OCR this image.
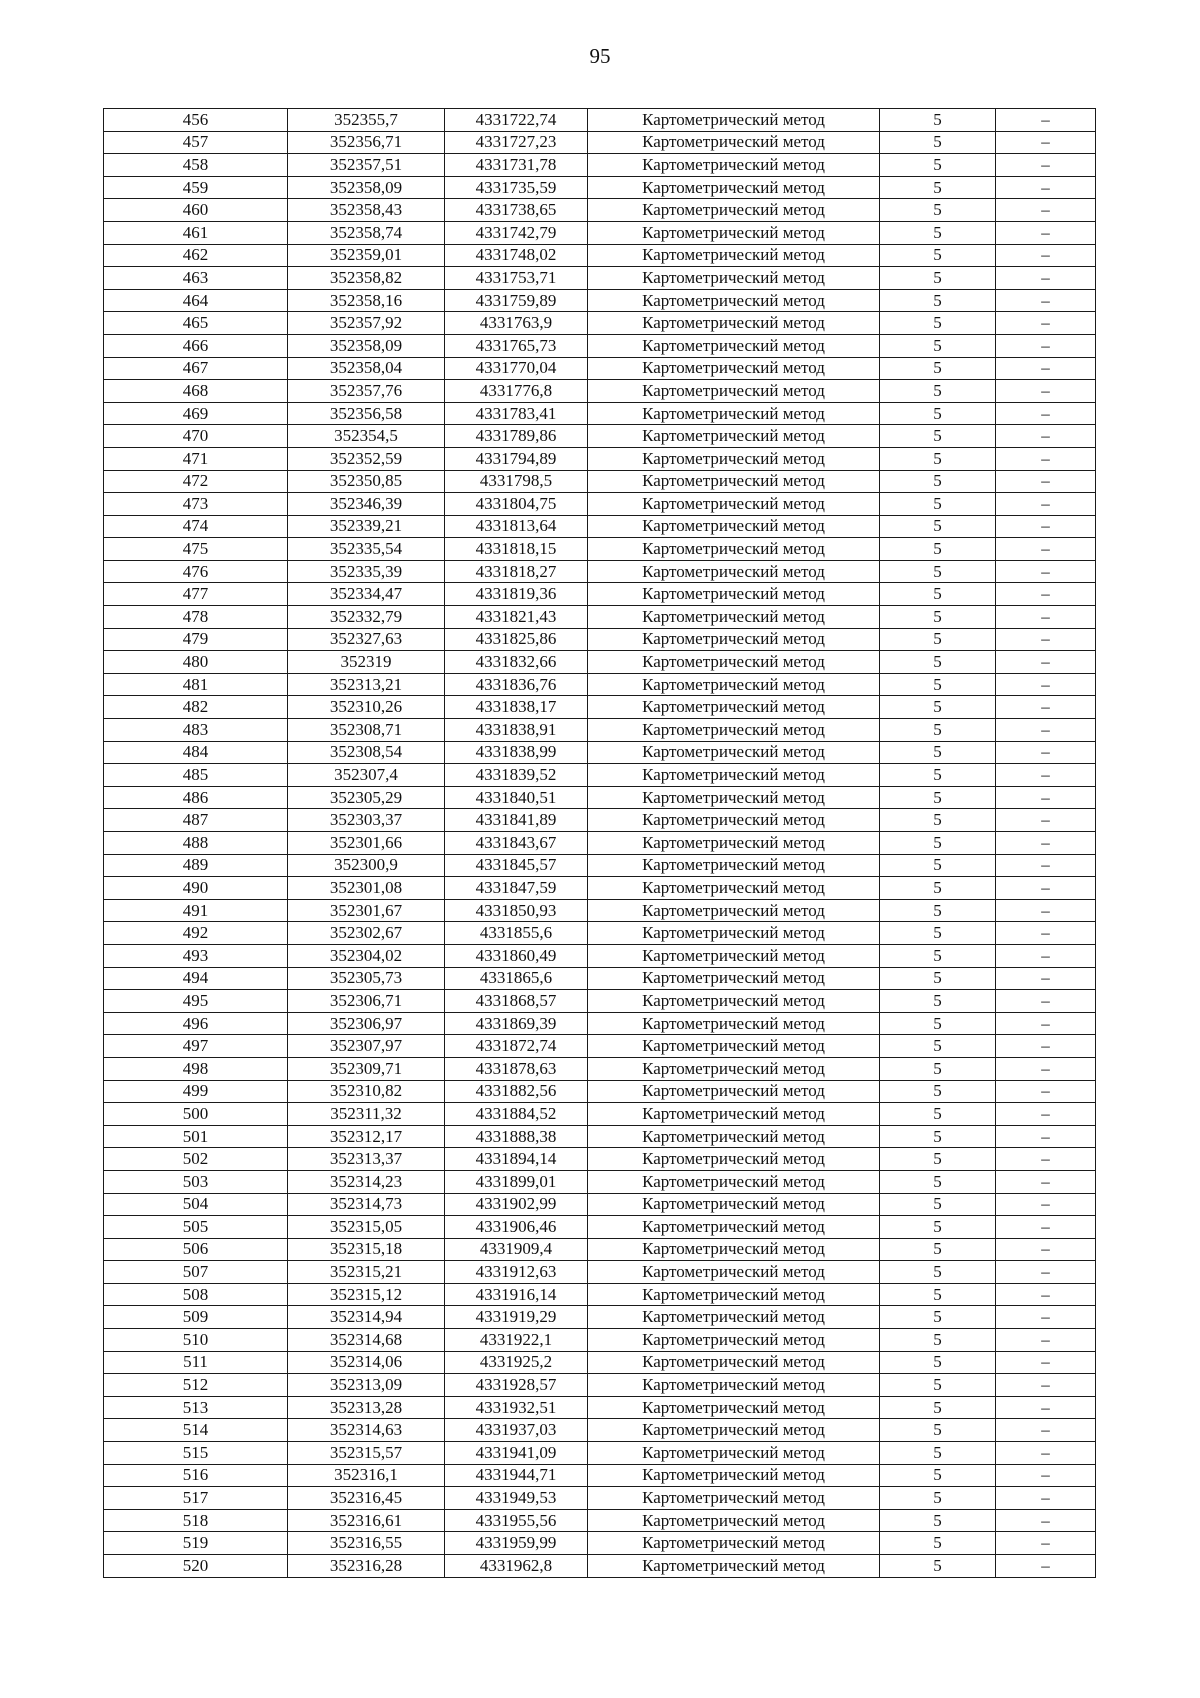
95
456	352355,7	4331722,74	Картометрический метод	5	–
457	352356,71	4331727,23	Картометрический метод	5	–
458	352357,51	4331731,78	Картометрический метод	5	–
459	352358,09	4331735,59	Картометрический метод	5	–
460	352358,43	4331738,65	Картометрический метод	5	–
461	352358,74	4331742,79	Картометрический метод	5	–
462	352359,01	4331748,02	Картометрический метод	5	–
463	352358,82	4331753,71	Картометрический метод	5	–
464	352358,16	4331759,89	Картометрический метод	5	–
465	352357,92	4331763,9	Картометрический метод	5	–
466	352358,09	4331765,73	Картометрический метод	5	–
467	352358,04	4331770,04	Картометрический метод	5	–
468	352357,76	4331776,8	Картометрический метод	5	–
469	352356,58	4331783,41	Картометрический метод	5	–
470	352354,5	4331789,86	Картометрический метод	5	–
471	352352,59	4331794,89	Картометрический метод	5	–
472	352350,85	4331798,5	Картометрический метод	5	–
473	352346,39	4331804,75	Картометрический метод	5	–
474	352339,21	4331813,64	Картометрический метод	5	–
475	352335,54	4331818,15	Картометрический метод	5	–
476	352335,39	4331818,27	Картометрический метод	5	–
477	352334,47	4331819,36	Картометрический метод	5	–
478	352332,79	4331821,43	Картометрический метод	5	–
479	352327,63	4331825,86	Картометрический метод	5	–
480	352319	4331832,66	Картометрический метод	5	–
481	352313,21	4331836,76	Картометрический метод	5	–
482	352310,26	4331838,17	Картометрический метод	5	–
483	352308,71	4331838,91	Картометрический метод	5	–
484	352308,54	4331838,99	Картометрический метод	5	–
485	352307,4	4331839,52	Картометрический метод	5	–
486	352305,29	4331840,51	Картометрический метод	5	–
487	352303,37	4331841,89	Картометрический метод	5	–
488	352301,66	4331843,67	Картометрический метод	5	–
489	352300,9	4331845,57	Картометрический метод	5	–
490	352301,08	4331847,59	Картометрический метод	5	–
491	352301,67	4331850,93	Картометрический метод	5	–
492	352302,67	4331855,6	Картометрический метод	5	–
493	352304,02	4331860,49	Картометрический метод	5	–
494	352305,73	4331865,6	Картометрический метод	5	–
495	352306,71	4331868,57	Картометрический метод	5	–
496	352306,97	4331869,39	Картометрический метод	5	–
497	352307,97	4331872,74	Картометрический метод	5	–
498	352309,71	4331878,63	Картометрический метод	5	–
499	352310,82	4331882,56	Картометрический метод	5	–
500	352311,32	4331884,52	Картометрический метод	5	–
501	352312,17	4331888,38	Картометрический метод	5	–
502	352313,37	4331894,14	Картометрический метод	5	–
503	352314,23	4331899,01	Картометрический метод	5	–
504	352314,73	4331902,99	Картометрический метод	5	–
505	352315,05	4331906,46	Картометрический метод	5	–
506	352315,18	4331909,4	Картометрический метод	5	–
507	352315,21	4331912,63	Картометрический метод	5	–
508	352315,12	4331916,14	Картометрический метод	5	–
509	352314,94	4331919,29	Картометрический метод	5	–
510	352314,68	4331922,1	Картометрический метод	5	–
511	352314,06	4331925,2	Картометрический метод	5	–
512	352313,09	4331928,57	Картометрический метод	5	–
513	352313,28	4331932,51	Картометрический метод	5	–
514	352314,63	4331937,03	Картометрический метод	5	–
515	352315,57	4331941,09	Картометрический метод	5	–
516	352316,1	4331944,71	Картометрический метод	5	–
517	352316,45	4331949,53	Картометрический метод	5	–
518	352316,61	4331955,56	Картометрический метод	5	–
519	352316,55	4331959,99	Картометрический метод	5	–
520	352316,28	4331962,8	Картометрический метод	5	–
